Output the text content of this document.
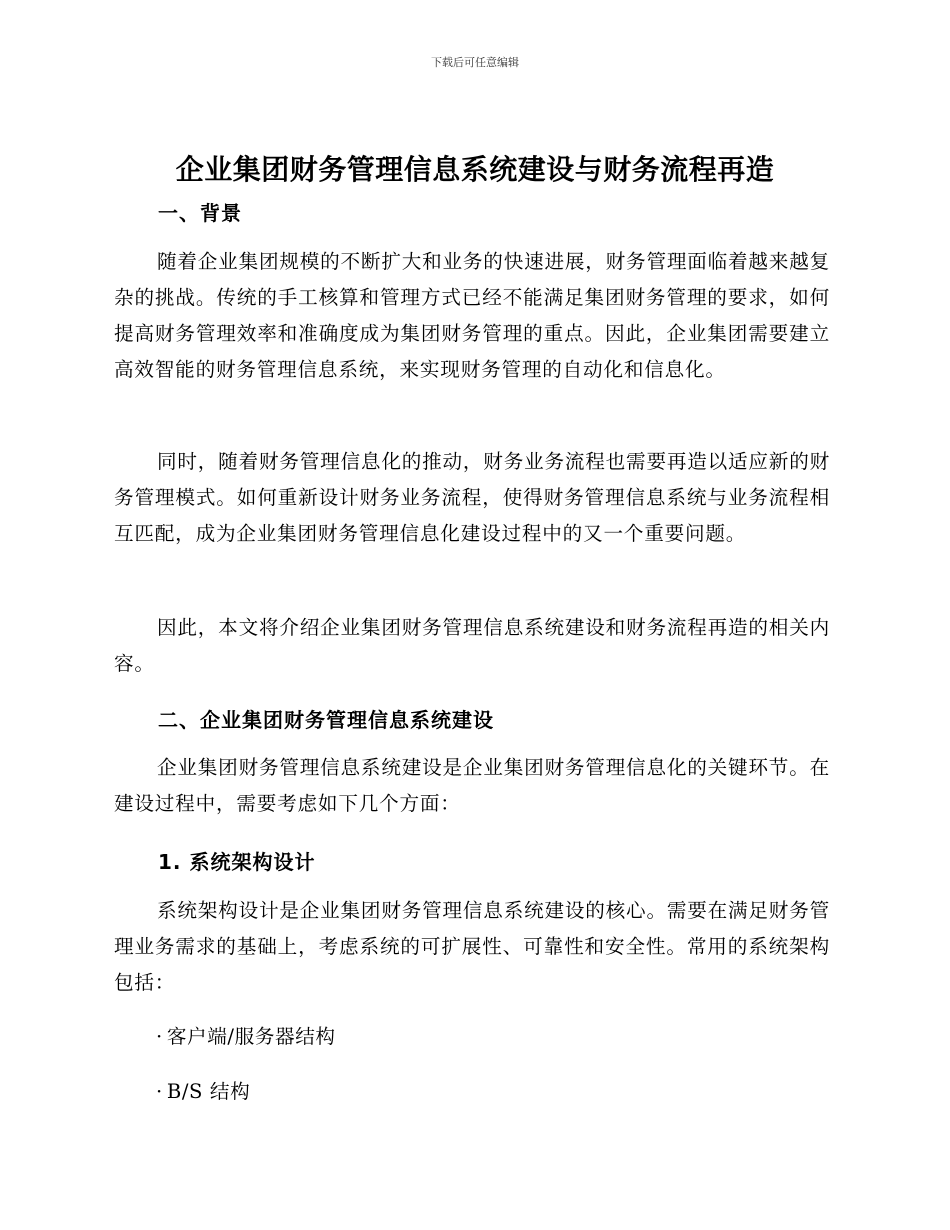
下载后可任意编辑
企业集团财务管理信息系统建设与财务流程再造
一、背景

随着企业集团规模的不断扩大和业务的快速进展，财务管理面临着越来越复杂的挑战。传统的手工核算和管理方式已经不能满足集团财务管理的要求，如何提高财务管理效率和准确度成为集团财务管理的重点。因此，企业集团需要建立高效智能的财务管理信息系统，来实现财务管理的自动化和信息化。

同时，随着财务管理信息化的推动，财务业务流程也需要再造以适应新的财务管理模式。如何重新设计财务业务流程，使得财务管理信息系统与业务流程相互匹配，成为企业集团财务管理信息化建设过程中的又一个重要问题。

因此，本文将介绍企业集团财务管理信息系统建设和财务流程再造的相关内容。

二、企业集团财务管理信息系统建设

企业集团财务管理信息系统建设是企业集团财务管理信息化的关键环节。在建设过程中，需要考虑如下几个方面：

1. 系统架构设计

系统架构设计是企业集团财务管理信息系统建设的核心。需要在满足财务管理业务需求的基础上，考虑系统的可扩展性、可靠性和安全性。常用的系统架构包括：

· 客户端/服务器结构
· B/S 结构
